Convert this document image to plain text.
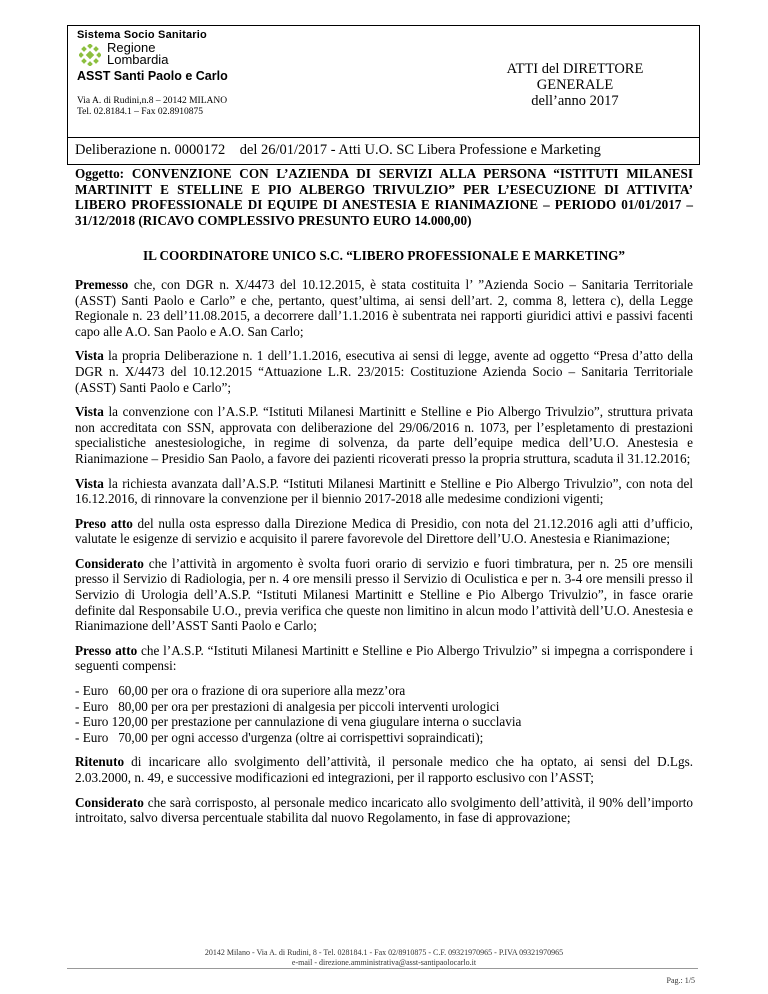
Sistema Socio Sanitario
Regione
Lombardia
ASST Santi Paolo e Carlo	ATTI del DIRETTORE GENERALE
dell’anno 2017
Via A. di Rudini,n.8 – 20142 MILANO
Tel. 02.8184.1 – Fax 02.8910875
Deliberazione n. 0000172    del 26/01/2017 - Atti U.O. SC Libera Professione e Marketing

Oggetto: CONVENZIONE CON L’AZIENDA DI SERVIZI ALLA PERSONA “ISTITUTI MILANESI MARTINITT E STELLINE E PIO ALBERGO TRIVULZIO” PER L’ESECUZIONE DI ATTIVITA’ LIBERO PROFESSIONALE DI EQUIPE DI ANESTESIA E RIANIMAZIONE – PERIODO 01/01/2017 – 31/12/2018 (RICAVO COMPLESSIVO PRESUNTO EURO 14.000,00)

IL COORDINATORE UNICO S.C. “LIBERO PROFESSIONALE E MARKETING”

Premesso che, con DGR n. X/4473 del 10.12.2015, è stata costituita l’ ”Azienda Socio – Sanitaria Territoriale (ASST) Santi Paolo e Carlo” e che, pertanto, quest’ultima, ai sensi dell’art. 2, comma 8, lettera c), della Legge Regionale n. 23 dell’11.08.2015, a decorrere dall’1.1.2016 è subentrata nei rapporti giuridici attivi e passivi facenti capo alle A.O. San Paolo e A.O. San Carlo;

Vista la propria Deliberazione n. 1 dell’1.1.2016, esecutiva ai sensi di legge, avente ad oggetto “Presa d’atto della DGR n. X/4473 del 10.12.2015 “Attuazione L.R. 23/2015: Costituzione Azienda Socio – Sanitaria Territoriale (ASST) Santi Paolo e Carlo”;

Vista la convenzione con l’A.S.P. “Istituti Milanesi Martinitt e Stelline e Pio Albergo Trivulzio”, struttura privata non accreditata con SSN, approvata con deliberazione del 29/06/2016 n. 1073, per l’espletamento di prestazioni specialistiche anestesiologiche, in regime di solvenza, da parte dell’equipe medica dell’U.O. Anestesia e Rianimazione – Presidio San Paolo, a favore dei pazienti ricoverati presso la propria struttura, scaduta il 31.12.2016;

Vista la richiesta avanzata dall’A.S.P. “Istituti Milanesi Martinitt e Stelline e Pio Albergo Trivulzio”, con nota del 16.12.2016, di rinnovare la convenzione per il biennio 2017-2018 alle medesime condizioni vigenti;

Preso atto del nulla osta espresso dalla Direzione Medica di Presidio, con nota del 21.12.2016 agli atti d’ufficio, valutate le esigenze di servizio e acquisito il parere favorevole del Direttore dell’U.O. Anestesia e Rianimazione;

Considerato che l’attività in argomento è svolta fuori orario di servizio e fuori timbratura, per n. 25 ore mensili presso il Servizio di Radiologia, per n. 4 ore mensili presso il Servizio di Oculistica e per n. 3-4 ore mensili presso il Servizio di Urologia dell’A.S.P. “Istituti Milanesi Martinitt e Stelline e Pio Albergo Trivulzio”, in fasce orarie definite dal Responsabile U.O., previa verifica che queste non limitino in alcun modo l’attività dell’U.O. Anestesia e Rianimazione dell’ASST Santi Paolo e Carlo;

Presso atto che l’A.S.P. “Istituti Milanesi Martinitt e Stelline e Pio Albergo Trivulzio” si impegna a corrispondere i seguenti compensi:

- Euro   60,00 per ora o frazione di ora superiore alla mezz’ora
- Euro   80,00 per ora per prestazioni di analgesia per piccoli interventi urologici
- Euro 120,00 per prestazione per cannulazione di vena giugulare interna o succlavia
- Euro   70,00 per ogni accesso d'urgenza (oltre ai corrispettivi sopraindicati);

Ritenuto di incaricare allo svolgimento dell’attività, il personale medico che ha optato, ai sensi del D.Lgs. 2.03.2000, n. 49, e successive modificazioni ed integrazioni, per il rapporto esclusivo con l’ASST;

Considerato che sarà corrisposto, al personale medico incaricato allo svolgimento dell’attività, il 90% dell’importo introitato, salvo diversa percentuale stabilita dal nuovo Regolamento, in fase di approvazione;

20142 Milano - Via A. di Rudini, 8 - Tel. 028184.1 - Fax 02/8910875 - C.F. 09321970965 - P.IVA 09321970965
e-mail - direzione.amministrativa@asst-santipaolocarlo.it
Pag.: 1/5
